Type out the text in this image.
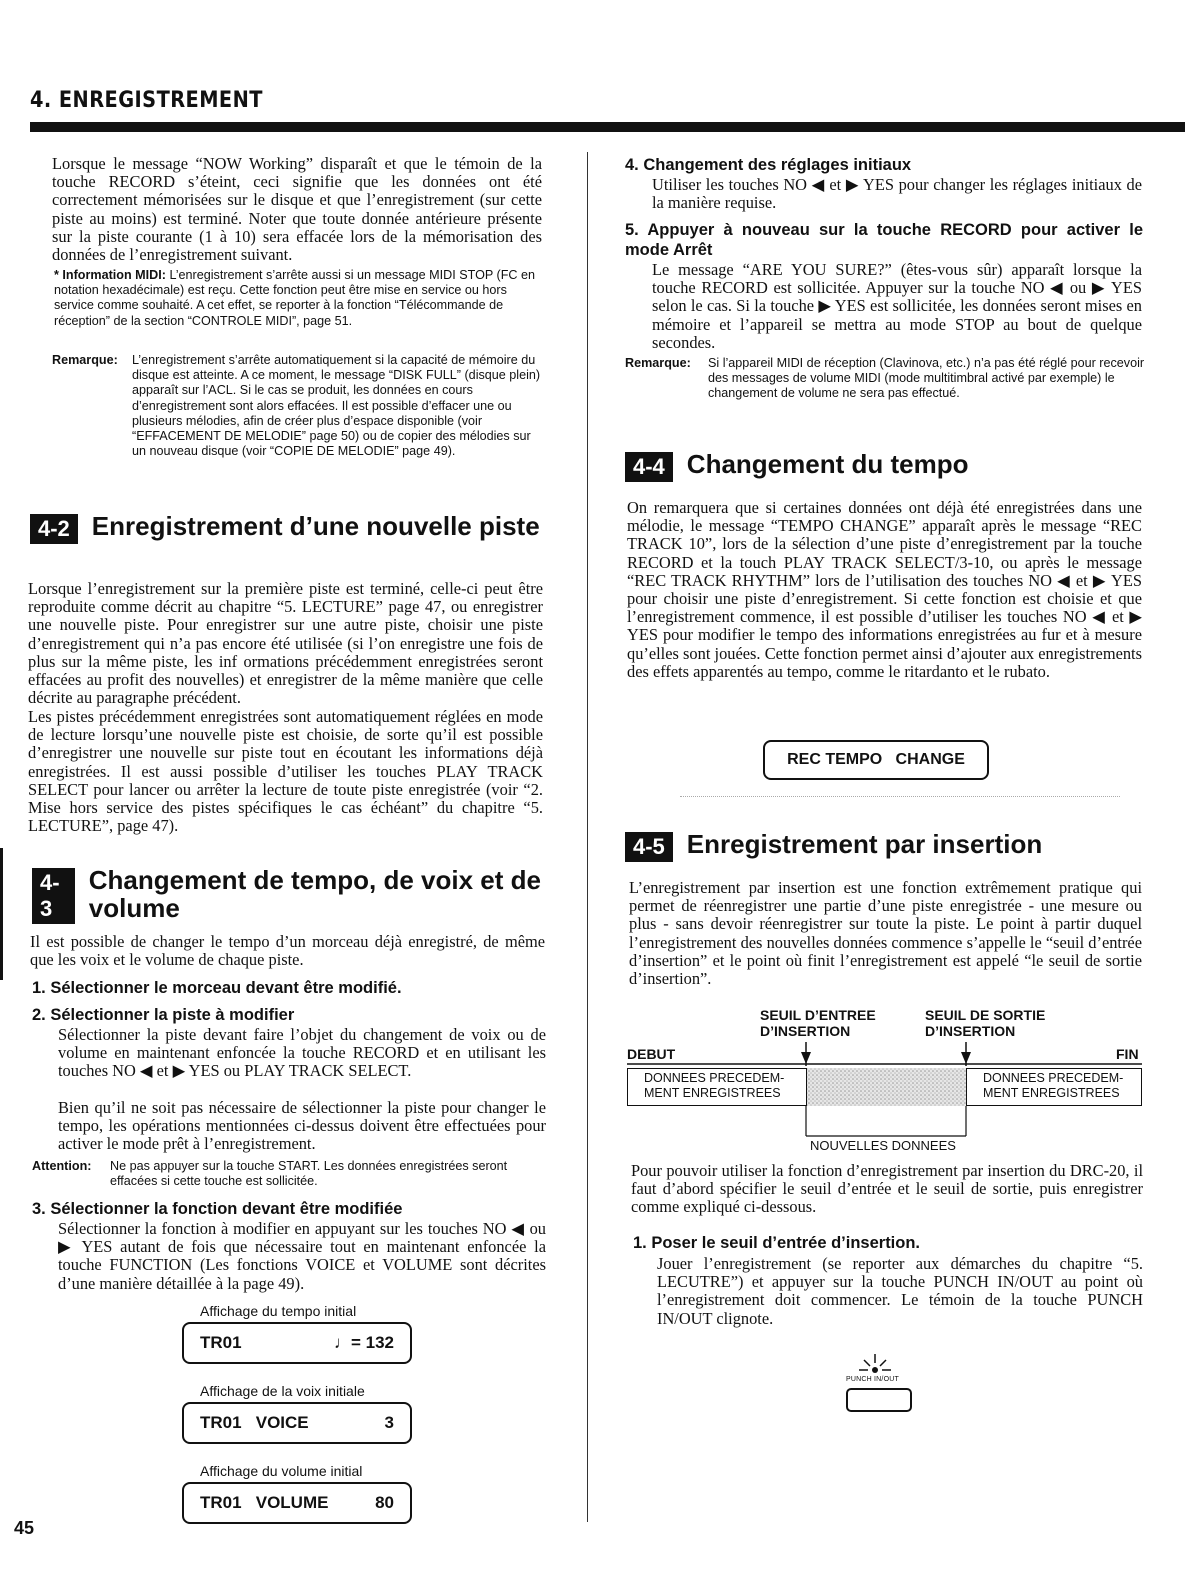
4. ENREGISTREMENT

Lorsque le message “NOW Working” disparaît et que le témoin de la touche RECORD s’éteint, ceci signifie que les données ont été correctement mémorisées sur le disque et que l’enregistrement (sur cette piste au moins) est terminé. Noter que toute donnée antérieure présente sur la piste courante (1 à 10) sera effacée lors de la mémorisation des données de l’enregistrement suivant.

* Information MIDI: L’enregistrement s’arrête aussi si un message MIDI STOP (FC en notation hexadécimale) est reçu. Cette fonction peut être mise en service ou hors service comme souhaité. A cet effet, se reporter à la fonction “Télécommande de réception” de la section “CONTROLE MIDI”, page 51.
Remarque:	L’enregistrement s’arrête automatiquement si la capacité de mémoire du disque est atteinte. A ce moment, le message “DISK FULL” (disque plein) apparaît sur l’ACL. Si le cas se produit, les données en cours d’enregistrement sont alors effacées. Il est possible d’effacer une ou plusieurs mélodies, afin de créer plus d’espace disponible (voir “EFFACEMENT DE MELODIE” page 50) ou de copier des mélodies sur un nouveau disque (voir “COPIE DE MELODIE” page 49).
4-2 Enregistrement d’une nouvelle piste

Lorsque l’enregistrement sur la première piste est terminé, celle-ci peut être reproduite comme décrit au chapitre “5. LECTURE” page 47, ou enregistrer une nouvelle piste. Pour enregistrer sur une autre piste, choisir une piste d’enregistrement qui n’a pas encore été utilisée (si l’on enregistre une fois de plus sur la même piste, les inf ormations précédemment enregistrées seront effacées au profit des nouvelles) et enregistrer de la même manière que celle décrite au paragraphe précédent.

Les pistes précédemment enregistrées sont automatiquement réglées en mode de lecture lorsqu’une nouvelle piste est choisie, de sorte qu’il est possible d’enregistrer une nouvelle sur piste tout en écoutant les informations déjà enregistrées. Il est aussi possible d’utiliser les touches PLAY TRACK SELECT pour lancer ou arrêter la lecture de toute piste enregistrée (voir “2. Mise hors service des pistes spécifiques le cas échéant” du chapitre “5. LECTURE”, page 47).

4-3
Changement de tempo, de voix et de volume

Il est possible de changer le tempo d’un morceau déjà enregistré, de même que les voix et le volume de chaque piste.

1. Sélectionner le morceau devant être modifié.
2. Sélectionner la piste à modifier

Sélectionner la piste devant faire l’objet du changement de voix ou de volume en maintenant enfoncée la touche RECORD et en utilisant les touches NO ◀ et ▶ YES ou PLAY TRACK SELECT.

Bien qu’il ne soit pas nécessaire de sélectionner la piste pour changer le tempo, les opérations mentionnées ci-dessus doivent être effectuées pour activer le mode prêt à l’enregistrement.

Attention:	Ne pas appuyer sur la touche START. Les données enregistrées seront effacées si cette touche est sollicitée.
3. Sélectionner la fonction devant être modifiée

Sélectionner la fonction à modifier en appuyant sur les touches NO ◀ ou ▶ YES autant de fois que nécessaire tout en maintenant enfoncée la touche FUNCTION (Les fonctions VOICE et VOLUME sont décrites d’une manière détaillée à la page 49).

Affichage du tempo initial
TR01	♩= 132
Affichage de la voix initiale
TR01   VOICE	3
Affichage du volume initial
TR01   VOLUME	80
45
4. Changement des réglages initiaux

Utiliser les touches NO ◀ et ▶ YES pour changer les réglages initiaux de la manière requise.

5. Appuyer à nouveau sur la touche RECORD pour activer le mode Arrêt

Le message “ARE YOU SURE?” (êtes-vous sûr) apparaît lorsque la touche RECORD est sollicitée. Appuyer sur la touche NO ◀ ou ▶ YES selon le cas. Si la touche ▶ YES est sollicitée, les données seront mises en mémoire et l’appareil se mettra au mode STOP au bout de quelque secondes.

Remarque:	Si l’appareil MIDI de réception (Clavinova, etc.) n’a pas été réglé pour recevoir des messages de volume MIDI (mode multitimbral activé par exemple) le changement de volume ne sera pas effectué.
4-4 Changement du tempo

On remarquera que si certaines données ont déjà été enregistrées dans une mélodie, le message “TEMPO CHANGE” apparaît après le message “REC TRACK 10”, lors de la sélection d’une piste d’enregistrement par la touche RECORD et la touch PLAY TRACK SELECT/3-10, ou après le message “REC TRACK RHYTHM” lors de l’utilisation des touches NO ◀ et ▶ YES pour choisir une piste d’enregistrement. Si cette fonction est choisie et que l’enregistrement commence, il est possible d’utiliser les touches NO ◀ et ▶ YES pour modifier le tempo des informations enregistrées au fur et à mesure qu’elles sont jouées. Cette fonction permet ainsi d’ajouter aux enregistrements des effets apparentés au tempo, comme le ritardanto et le rubato.

REC TEMPO   CHANGE
4-5 Enregistrement par insertion

L’enregistrement par insertion est une fonction extrêmement pratique qui permet de réenregistrer une partie d’une piste enregistrée - une mesure ou plus - sans devoir réenregistrer sur toute la piste. Le point à partir duquel l’enregistrement des nouvelles données commence s’appelle le “seuil d’entrée d’insertion” et le point où finit l’enregistrement est appelé “le seuil de sortie d’insertion”.

SEUIL D’ENTREE D’INSERTION
SEUIL DE SORTIE D’INSERTION
DEBUT	FIN
DONNEES PRECEDEM- MENT ENREGISTREES
DONNEES PRECEDEM- MENT ENREGISTREES
NOUVELLES DONNEES

Pour pouvoir utiliser la fonction d’enregistrement par insertion du DRC-20, il faut d’abord spécifier le seuil d’entrée et le seuil de sortie, puis enregistrer comme expliqué ci-dessous.

1. Poser le seuil d’entrée d’insertion.

Jouer l’enregistrement (se reporter aux démarches du chapitre “5. LECUTRE”) et appuyer sur la touche PUNCH IN/OUT au point où l’enregistrement doit commencer. Le témoin de la touche PUNCH IN/OUT clignote.

PUNCH IN/OUT
